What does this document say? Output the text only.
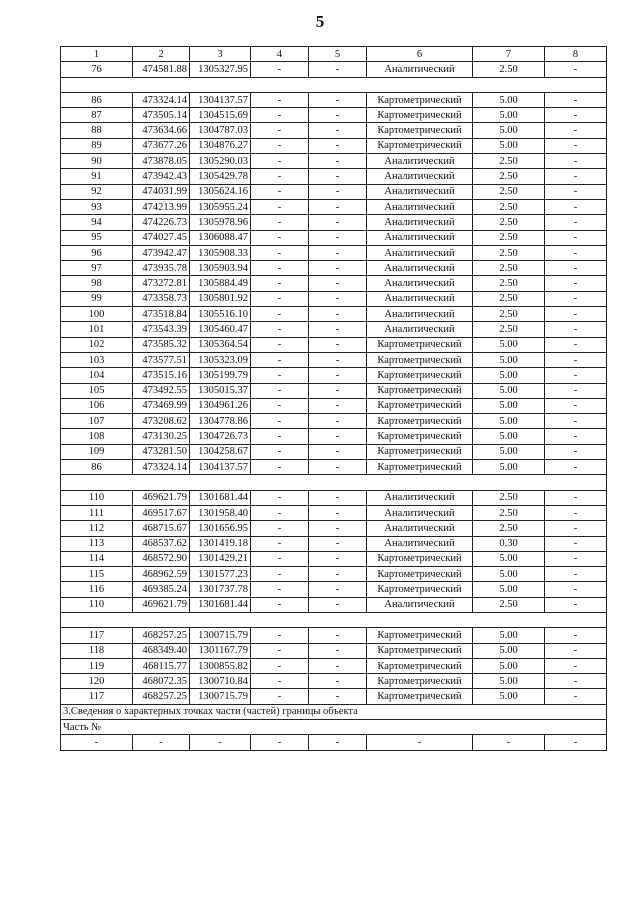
5
1	2	3	4	5	6	7	8
76	474581.88	1305327.95	-	-	Аналитический	2.50	-

86	473324.14	1304137.57	-	-	Картометрический	5.00	-
87	473505.14	1304515.69	-	-	Картометрический	5.00	-
88	473634.66	1304787.03	-	-	Картометрический	5.00	-
89	473677.26	1304876.27	-	-	Картометрический	5.00	-
90	473878.05	1305290.03	-	-	Аналитический	2.50	-
91	473942.43	1305429.78	-	-	Аналитический	2.50	-
92	474031.99	1305624.16	-	-	Аналитический	2.50	-
93	474213.99	1305955.24	-	-	Аналитический	2.50	-
94	474226.73	1305978.96	-	-	Аналитический	2.50	-
95	474027.45	1306088.47	-	-	Аналитический	2.50	-
96	473942.47	1305908.33	-	-	Аналитический	2.50	-
97	473935.78	1305903.94	-	-	Аналитический	2.50	-
98	473272.81	1305884.49	-	-	Аналитический	2.50	-
99	473358.73	1305801.92	-	-	Аналитический	2.50	-
100	473518.84	1305516.10	-	-	Аналитический	2.50	-
101	473543.39	1305460.47	-	-	Аналитический	2.50	-
102	473585.32	1305364.54	-	-	Картометрический	5.00	-
103	473577.51	1305323.09	-	-	Картометрический	5.00	-
104	473515.16	1305199.79	-	-	Картометрический	5.00	-
105	473492.55	1305015.37	-	-	Картометрический	5.00	-
106	473469.99	1304961.26	-	-	Картометрический	5.00	-
107	473208.62	1304778.86	-	-	Картометрический	5.00	-
108	473130.25	1304726.73	-	-	Картометрический	5.00	-
109	473281.50	1304258.67	-	-	Картометрический	5.00	-
86	473324.14	1304137.57	-	-	Картометрический	5.00	-

110	469621.79	1301681.44	-	-	Аналитический	2.50	-
111	469517.67	1301958.40	-	-	Аналитический	2.50	-
112	468715.67	1301656.95	-	-	Аналитический	2.50	-
113	468537.62	1301419.18	-	-	Аналитический	0.30	-
114	468572.90	1301429.21	-	-	Картометрический	5.00	-
115	468962.59	1301577.23	-	-	Картометрический	5.00	-
116	469385.24	1301737.78	-	-	Картометрический	5.00	-
110	469621.79	1301681.44	-	-	Аналитический	2.50	-

117	468257.25	1300715.79	-	-	Картометрический	5.00	-
118	468349.40	1301167.79	-	-	Картометрический	5.00	-
119	468115.77	1300855.82	-	-	Картометрический	5.00	-
120	468072.35	1300710.84	-	-	Картометрический	5.00	-
117	468257.25	1300715.79	-	-	Картометрический	5.00	-
3.Сведения о характерных точках части (частей) границы объекта							
Часть №							
-	-	-	-	-	-	-	-
